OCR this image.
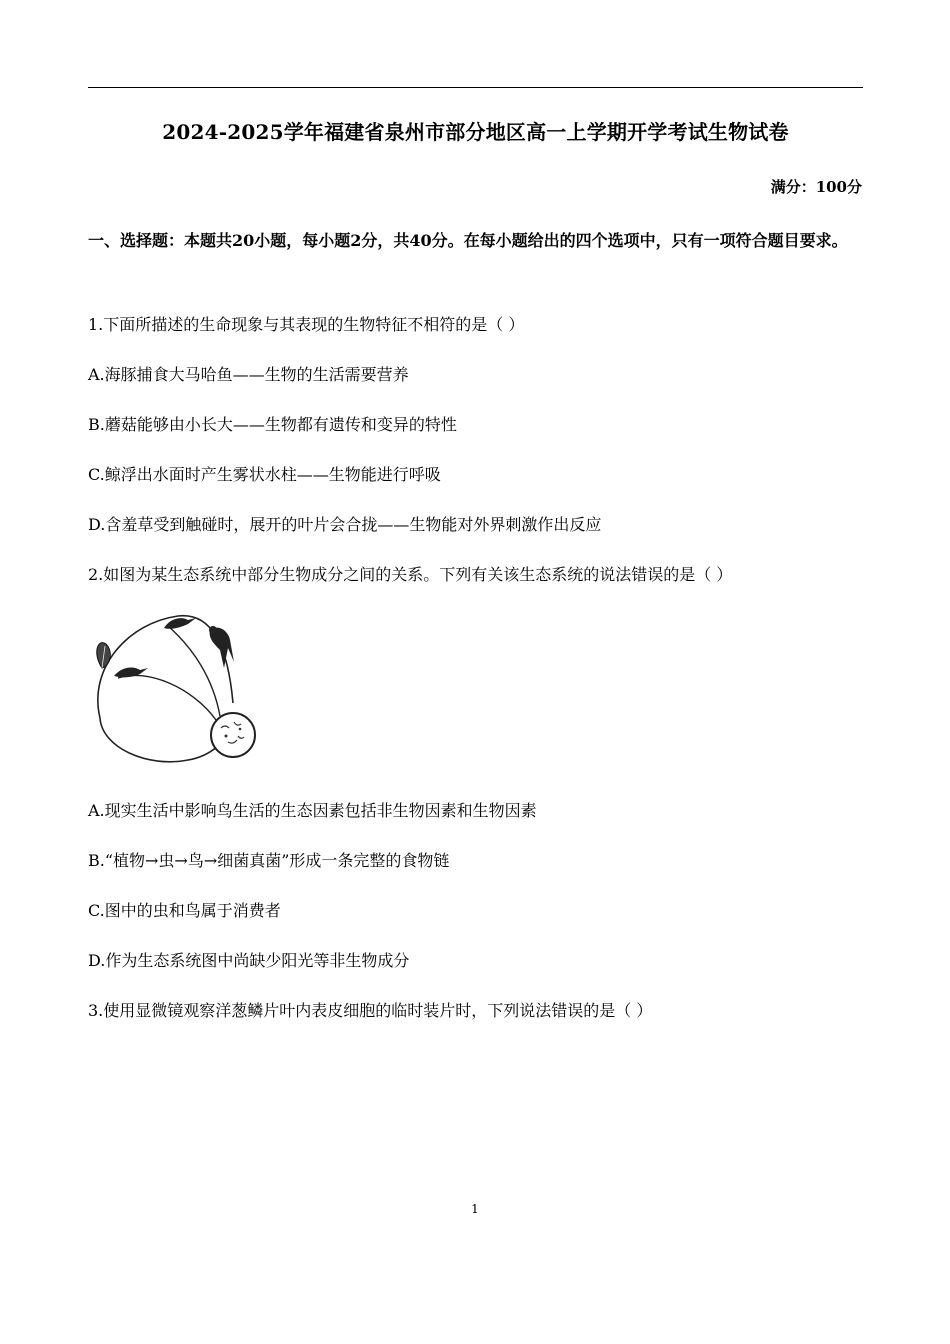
2024-2025学年福建省泉州市部分地区高一上学期开学考试生物试卷
满分：100分
一、选择题：本题共20小题，每小题2分，共40分。在每小题给出的四个选项中，只有一项符合题目要求。
1.下面所描述的生命现象与其表现的生物特征不相符的是（ ）
A.海豚捕食大马哈鱼——生物的生活需要营养
B.蘑菇能够由小长大——生物都有遗传和变异的特性
C.鲸浮出水面时产生雾状水柱——生物能进行呼吸
D.含羞草受到触碰时，展开的叶片会合拢——生物能对外界刺激作出反应
2.如图为某生态系统中部分生物成分之间的关系。下列有关该生态系统的说法错误的是（ ）
A.现实生活中影响鸟生活的生态因素包括非生物因素和生物因素
B.“植物→虫→鸟→细菌真菌”形成一条完整的食物链
C.图中的虫和鸟属于消费者
D.作为生态系统图中尚缺少阳光等非生物成分
3.使用显微镜观察洋葱鳞片叶内表皮细胞的临时装片时，下列说法错误的是（ ）
1
